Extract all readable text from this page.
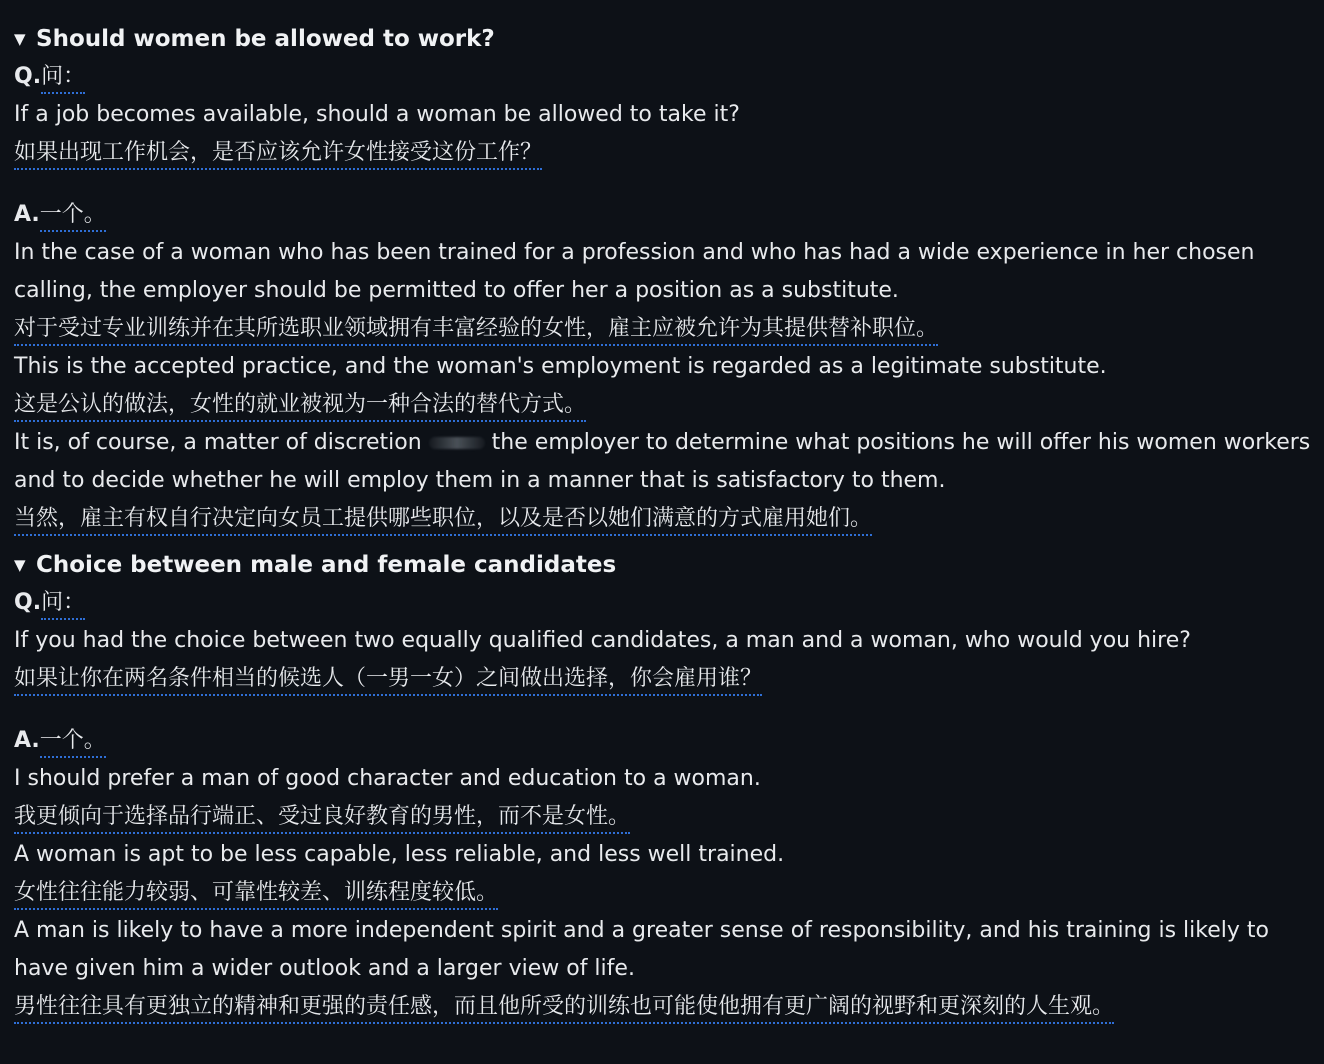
▼ Should women be allowed to work?
Q.问：
If a job becomes available, should a woman be allowed to take it?
如果出现工作机会，是否应该允许女性接受这份工作？
A.一个。
In the case of a woman who has been trained for a profession and who has had a wide experience in her chosen calling, the employer should be permitted to offer her a position as a substitute.
对于受过专业训练并在其所选职业领域拥有丰富经验的女性，雇主应被允许为其提供替补职位。
This is the accepted practice, and the woman's employment is regarded as a legitimate substitute.
这是公认的做法，女性的就业被视为一种合法的替代方式。
It is, of course, a matter of discretion	the employer to determine what positions he will offer his women workers and to decide whether he will employ them in a manner that is satisfactory to them.
当然，雇主有权自行决定向女员工提供哪些职位，以及是否以她们满意的方式雇用她们。
▼ Choice between male and female candidates
Q.问：
If you had the choice between two equally qualified candidates, a man and a woman, who would you hire?
如果让你在两名条件相当的候选人（一男一女）之间做出选择，你会雇用谁？
A.一个。
I should prefer a man of good character and education to a woman.
我更倾向于选择品行端正、受过良好教育的男性，而不是女性。
A woman is apt to be less capable, less reliable, and less well trained.
女性往往能力较弱、可靠性较差、训练程度较低。
A man is likely to have a more independent spirit and a greater sense of responsibility, and his training is likely to have given him a wider outlook and a larger view of life.
男性往往具有更独立的精神和更强的责任感，而且他所受的训练也可能使他拥有更广阔的视野和更深刻的人生观。
